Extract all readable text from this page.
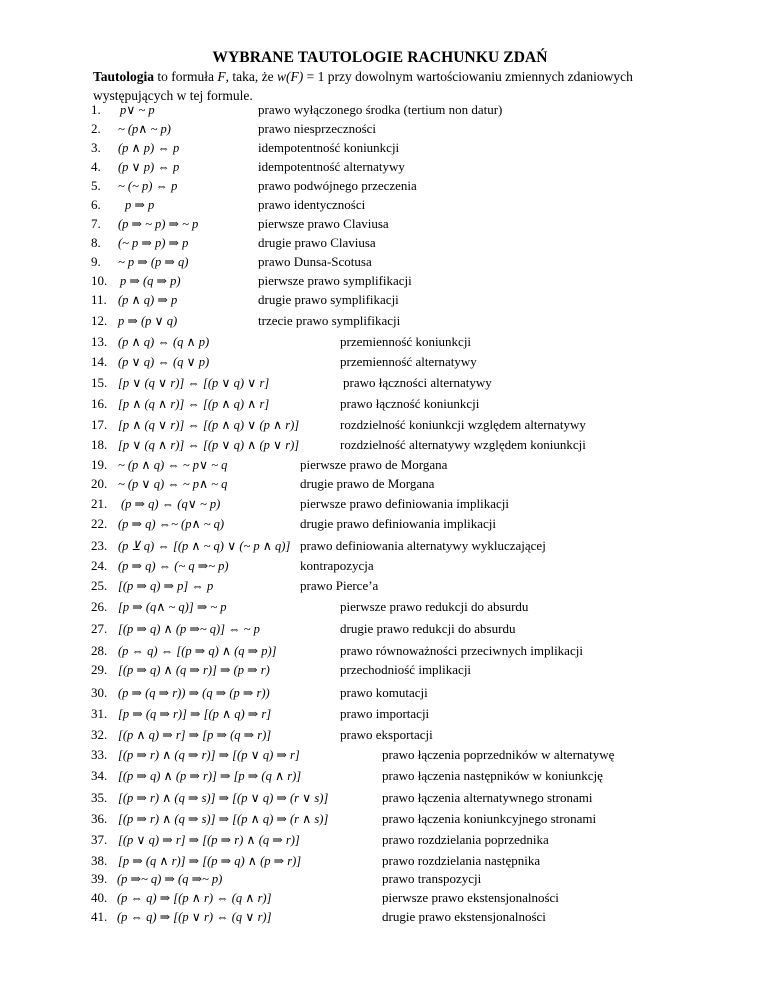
WYBRANE TAUTOLOGIE RACHUNKU ZDAŃ
Tautologia to formuła F, taka, że w(F) = 1 przy dowolnym wartościowaniu zmiennych zdaniowych występujących w tej formule.
1. p∨ ~ p	prawo wyłączonego środka (tertium non datur)
2. ~ (p∧ ~ p)	prawo niesprzeczności
3. (p ∧ p) ⇔ p	idempotentność koniunkcji
4. (p ∨ p) ⇔ p	idempotentność alternatywy
5. ~ (~ p) ⇔ p	prawo podwójnego przeczenia
6. p ⇒ p	prawo identyczności
7. (p ⇒ ~ p) ⇒ ~ p	pierwsze prawo Claviusa
8. (~ p ⇒ p) ⇒ p	drugie prawo Claviusa
9. ~ p ⇒ (p ⇒ q)	prawo Dunsa-Scotusa
10. p ⇒ (q ⇒ p)	pierwsze prawo symplifikacji
11. (p ∧ q) ⇒ p	drugie prawo symplifikacji
12. p ⇒ (p ∨ q)	trzecie prawo symplifikacji
13. (p ∧ q) ⇔ (q ∧ p)	przemienność koniunkcji
14. (p ∨ q) ⇔ (q ∨ p)	przemienność alternatywy
15. [p ∨ (q ∨ r)] ⇔ [(p ∨ q) ∨ r]	prawo łączności alternatywy
16. [p ∧ (q ∧ r)] ⇔ [(p ∧ q) ∧ r]	prawo łączność koniunkcji
17. [p ∧ (q ∨ r)] ⇔ [(p ∧ q) ∨ (p ∧ r)]	rozdzielność koniunkcji względem alternatywy
18. [p ∨ (q ∧ r)] ⇔ [(p ∨ q) ∧ (p ∨ r)]	rozdzielność alternatywy względem koniunkcji
19. ~ (p ∧ q) ⇔ ~ p∨ ~ q	pierwsze prawo de Morgana
20. ~ (p ∨ q) ⇔ ~ p∧ ~ q	drugie prawo de Morgana
21. (p ⇒ q) ⇔ (q∨ ~ p)	pierwsze prawo definiowania implikacji
22. (p ⇒ q) ⇔~ (p∧ ~ q)	drugie prawo definiowania implikacji
23. (p ⊻ q) ⇔ [(p ∧ ~ q) ∨ (~ p ∧ q)] prawo definiowania alternatywy wykluczającej
24. (p ⇒ q) ⇔ (~ q ⇒~ p)	kontrapozycja
25. [(p ⇒ q) ⇒ p] ⇔ p	prawo Pierce’a
26. [p ⇒ (q∧ ~ q)] ⇒ ~ p	pierwsze prawo redukcji do absurdu
27. [(p ⇒ q) ∧ (p ⇒~ q)] ⇔ ~ p	drugie prawo redukcji do absurdu
28. (p ⇔ q) ⇔ [(p ⇒ q) ∧ (q ⇒ p)]	prawo równoważności przeciwnych implikacji
29. [(p ⇒ q) ∧ (q ⇒ r)] ⇒ (p ⇒ r)	przechodniość implikacji
30. (p ⇒ (q ⇒ r)) ⇒ (q ⇒ (p ⇒ r))	prawo komutacji
31. [p ⇒ (q ⇒ r)] ⇒ [(p ∧ q) ⇒ r]	prawo importacji
32. [(p ∧ q) ⇒ r] ⇒ [p ⇒ (q ⇒ r)]	prawo eksportacji
33. [(p ⇒ r) ∧ (q ⇒ r)] ⇒ [(p ∨ q) ⇒ r]	prawo łączenia poprzedników w alternatywę
34. [(p ⇒ q) ∧ (p ⇒ r)] ⇒ [p ⇒ (q ∧ r)]	prawo łączenia następników w koniunkcję
35. [(p ⇒ r) ∧ (q ⇒ s)] ⇒ [(p ∨ q) ⇒ (r ∨ s)]	prawo łączenia alternatywnego stronami
36. [(p ⇒ r) ∧ (q ⇒ s)] ⇒ [(p ∧ q) ⇒ (r ∧ s)]	prawo łączenia koniunkcyjnego stronami
37. [(p ∨ q) ⇒ r] ⇒ [(p ⇒ r) ∧ (q ⇒ r)]	prawo rozdzielania poprzednika
38. [p ⇒ (q ∧ r)] ⇒ [(p ⇒ q) ∧ (p ⇒ r)]	prawo rozdzielania następnika
39. (p ⇒~ q) ⇒ (q ⇒~ p)	prawo transpozycji
40. (p ⇔ q) ⇒ [(p ∧ r) ⇔ (q ∧ r)]	pierwsze prawo ekstensjonalności
41. (p ⇔ q) ⇒ [(p ∨ r) ⇔ (q ∨ r)]	drugie prawo ekstensjonalności
